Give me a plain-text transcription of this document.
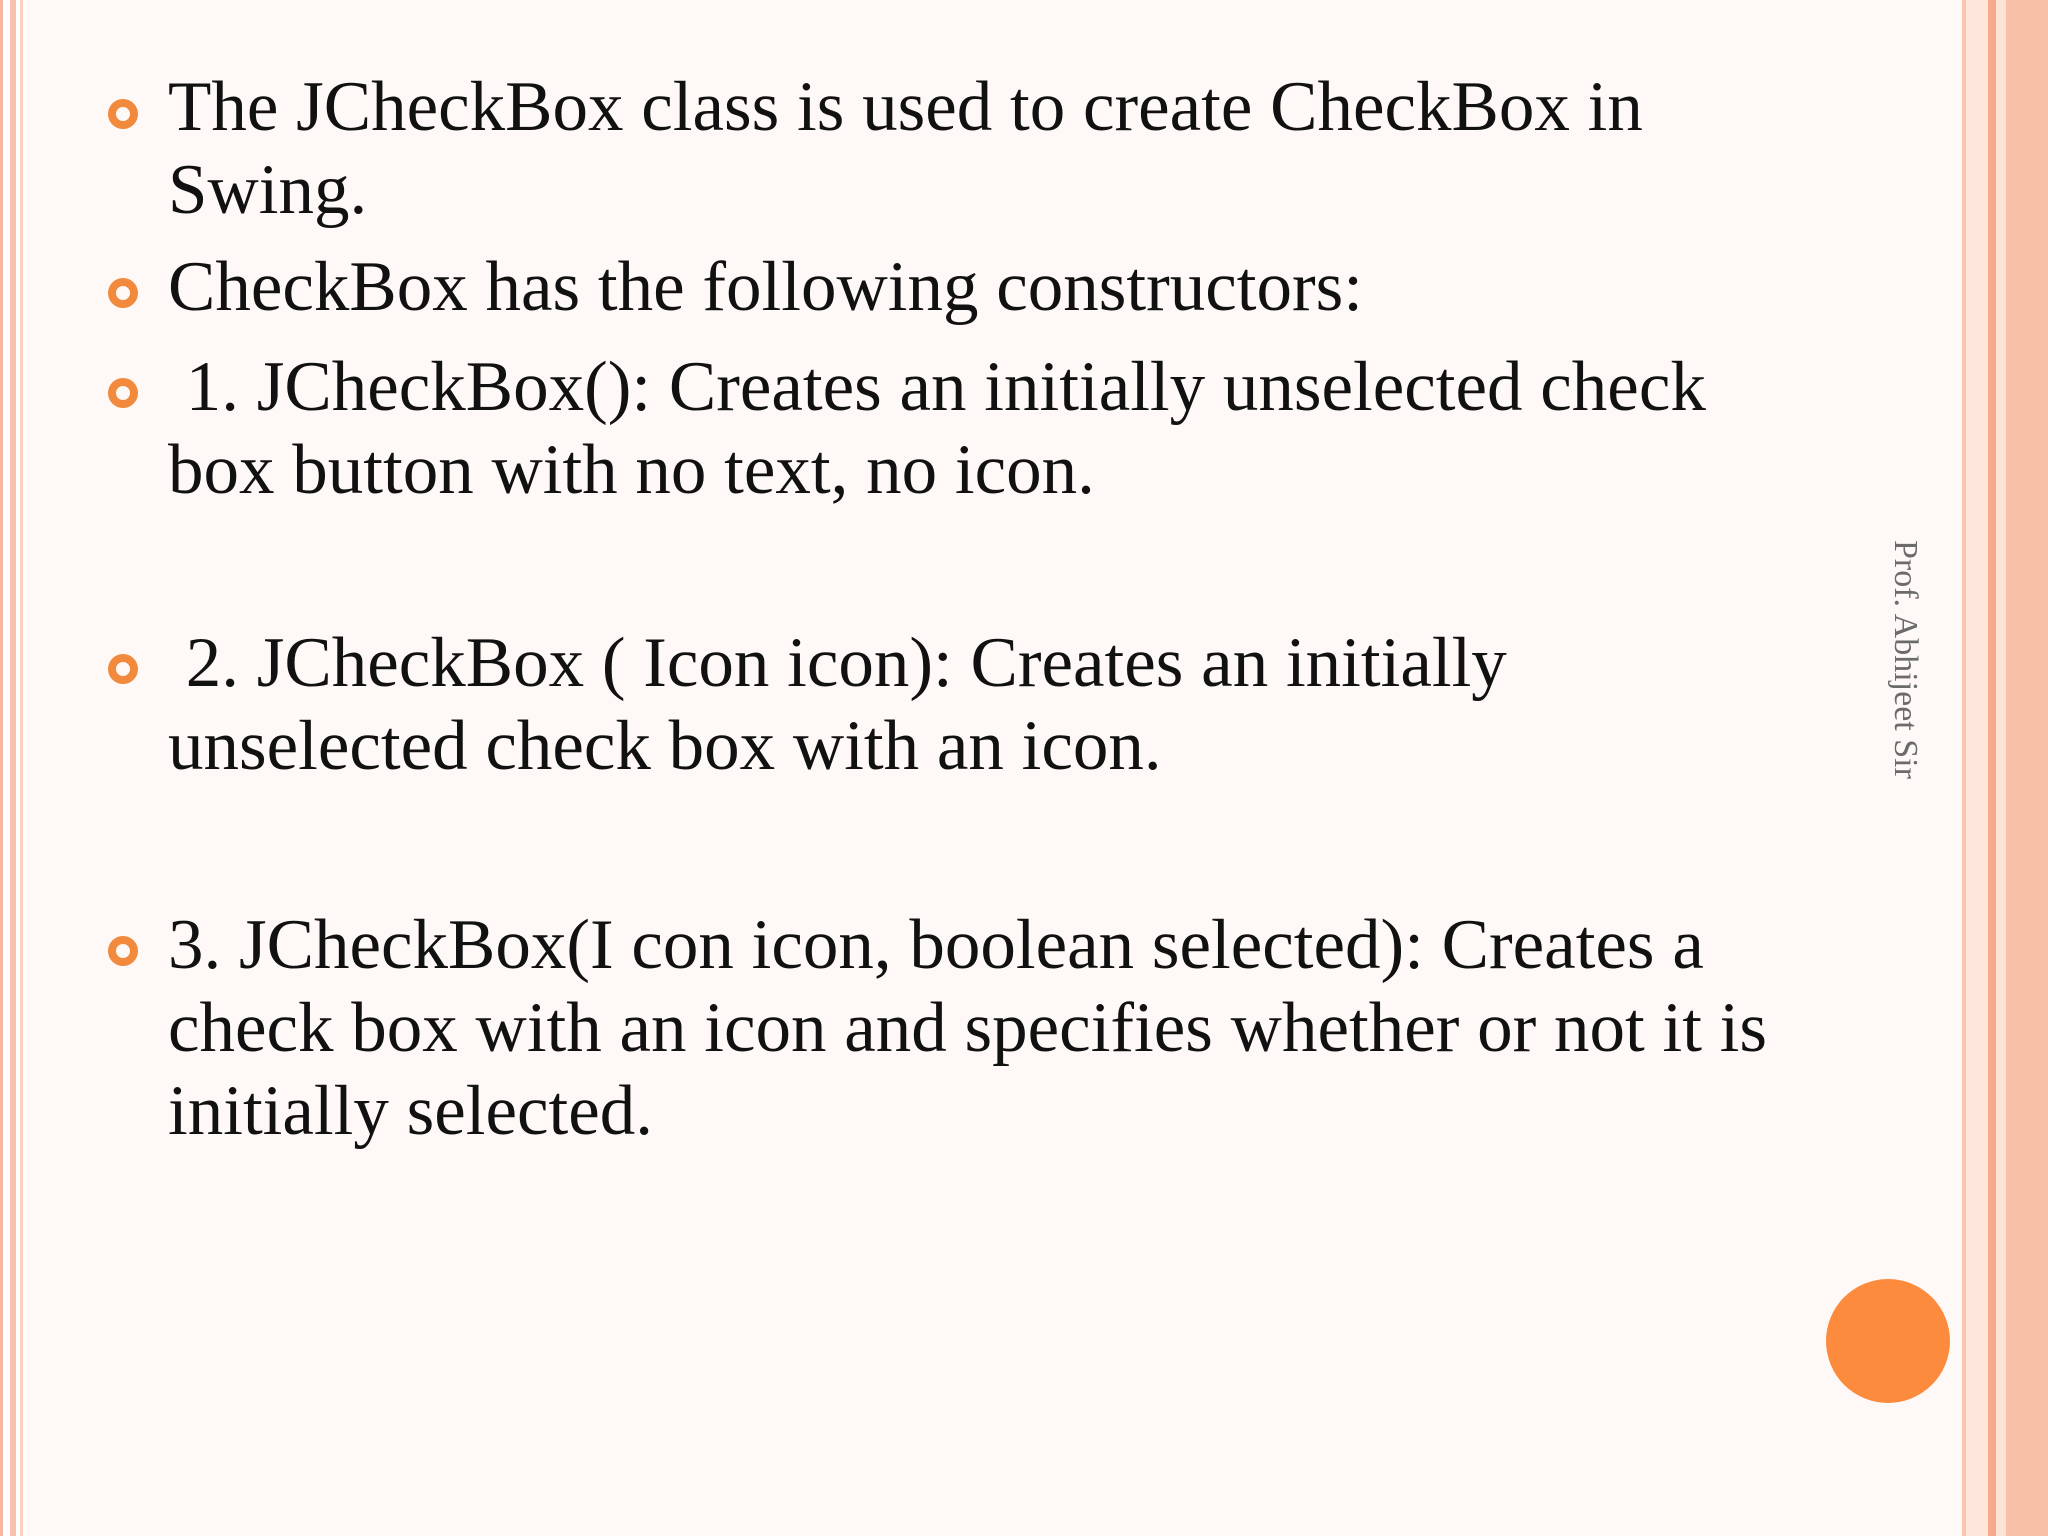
The JCheckBox class is used to create CheckBox in Swing.
CheckBox has the following constructors:
1. JCheckBox(): Creates an initially unselected check box button with no text, no icon.
2. JCheckBox ( Icon icon): Creates an initially unselected check box with an icon.
3. JCheckBox(I con icon, boolean selected): Creates a check box with an icon and specifies whether or not it is initially selected.
Prof. Abhijeet Sir
